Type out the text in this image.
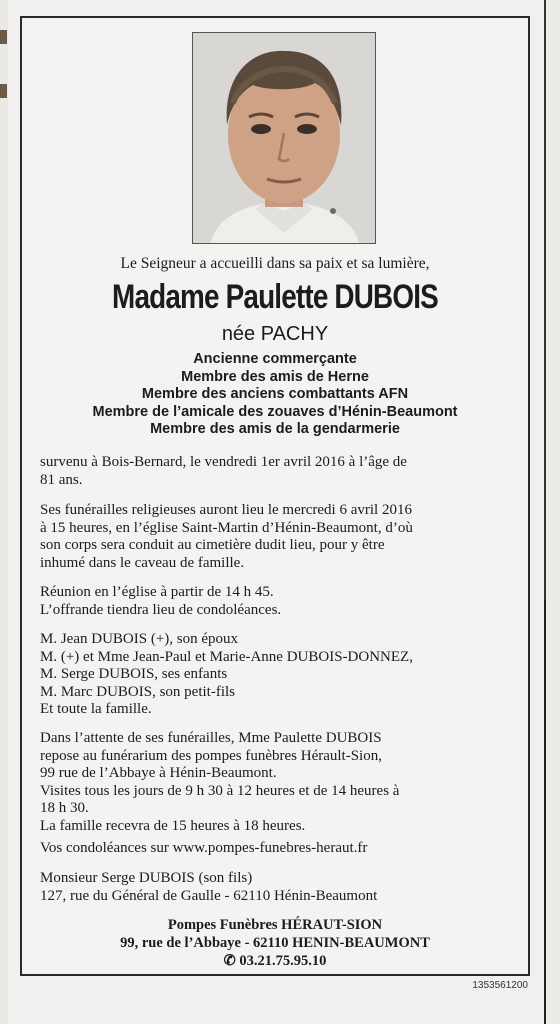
Le Seigneur a accueilli dans sa paix et sa lumière,
Madame Paulette DUBOIS
née PACHY
Ancienne commerçante
Membre des amis de Herne
Membre des anciens combattants AFN
Membre de l’amicale des zouaves d’Hénin-Beaumont
Membre des amis de la gendarmerie
survenu à Bois-Bernard, le vendredi 1er avril 2016 à l’âge de
81 ans.
Ses funérailles religieuses auront lieu le mercredi 6 avril 2016
à 15 heures, en l’église Saint-Martin d’Hénin-Beaumont, d’où
son corps sera conduit au cimetière dudit lieu, pour y être
inhumé dans le caveau de famille.
Réunion en l’église à partir de 14 h 45.
L’offrande tiendra lieu de condoléances.
M. Jean DUBOIS (+), son époux
M. (+) et Mme Jean-Paul et Marie-Anne DUBOIS-DONNEZ,
M. Serge DUBOIS, ses enfants
M. Marc DUBOIS, son petit-fils
Et toute la famille.
Dans l’attente de ses funérailles, Mme Paulette DUBOIS
repose au funérarium des pompes funèbres Hérault-Sion,
99 rue de l’Abbaye à Hénin-Beaumont.
Visites tous les jours de 9 h 30 à 12 heures et de 14 heures à
18 h 30.
La famille recevra de 15 heures à 18 heures.
Vos condoléances sur www.pompes-funebres-heraut.fr
Monsieur Serge DUBOIS (son fils)
127, rue du Général de Gaulle - 62110 Hénin-Beaumont
Pompes Funèbres HÉRAUT-SION
99, rue de l’Abbaye - 62110 HENIN-BEAUMONT
✆ 03.21.75.95.10
1353561200
